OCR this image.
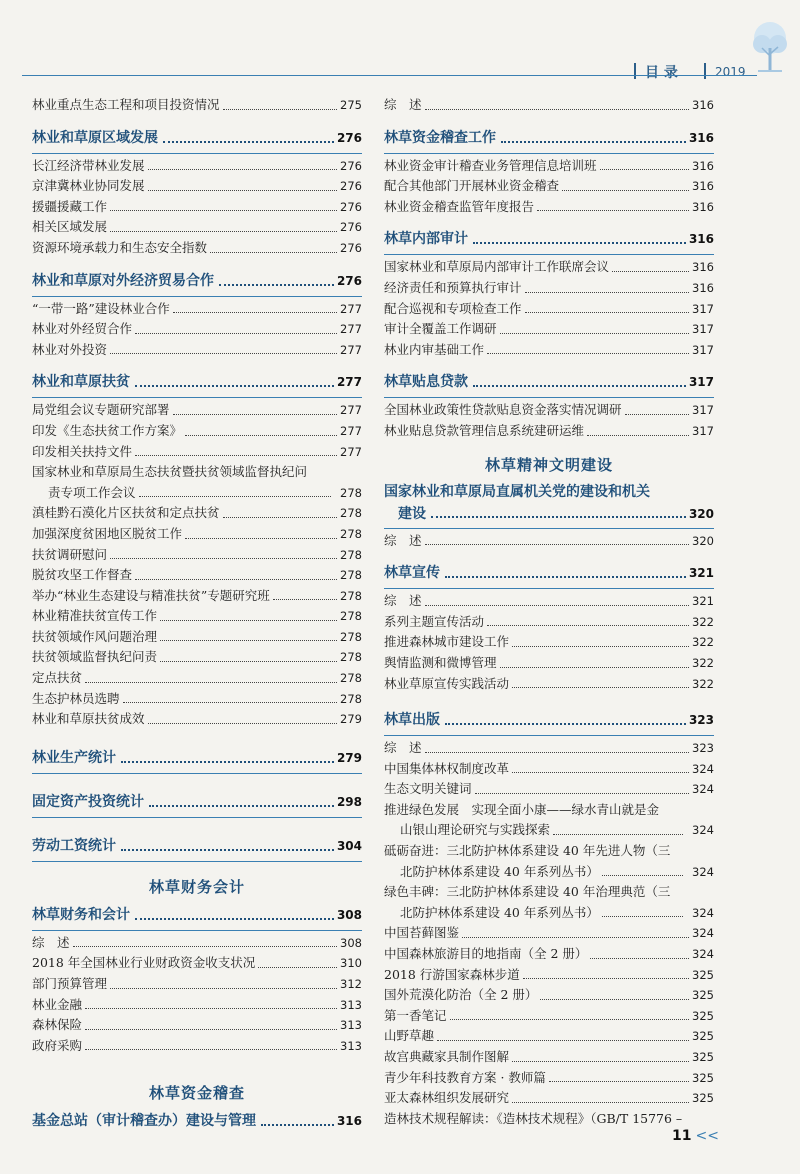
目 录	2019
林业重点生态工程和项目投资情况	275
林业和草原区域发展	276
长江经济带林业发展	276
京津冀林业协同发展	276
援疆援藏工作	276
相关区域发展	276
资源环境承载力和生态安全指数	276
林业和草原对外经济贸易合作	276
“一带一路”建设林业合作	277
林业对外经贸合作	277
林业对外投资	277
林业和草原扶贫	277
局党组会议专题研究部署	277
印发《生态扶贫工作方案》	277
印发相关扶持文件	277
国家林业和草原局生态扶贫暨扶贫领域监督执纪问
责专项工作会议	278
滇桂黔石漠化片区扶贫和定点扶贫	278
加强深度贫困地区脱贫工作	278
扶贫调研慰问	278
脱贫攻坚工作督查	278
举办“林业生态建设与精准扶贫”专题研究班	278
林业精准扶贫宣传工作	278
扶贫领域作风问题治理	278
扶贫领域监督执纪问责	278
定点扶贫	278
生态护林员选聘	278
林业和草原扶贫成效	279
林业生产统计	279
固定资产投资统计	298
劳动工资统计	304
林草财务会计
林草财务和会计	308
综　述	308
2018 年全国林业行业财政资金收支状况	310
部门预算管理	312
林业金融	313
森林保险	313
政府采购	313
林草资金稽查
基金总站（审计稽查办）建设与管理	316
综　述	316
林草资金稽查工作	316
林业资金审计稽查业务管理信息培训班	316
配合其他部门开展林业资金稽查	316
林业资金稽查监管年度报告	316
林草内部审计	316
国家林业和草原局内部审计工作联席会议	316
经济责任和预算执行审计	316
配合巡视和专项检查工作	317
审计全覆盖工作调研	317
林业内审基础工作	317
林草贴息贷款	317
全国林业政策性贷款贴息资金落实情况调研	317
林业贴息贷款管理信息系统建研运维	317
林草精神文明建设
国家林业和草原局直属机关党的建设和机关
建设	320
综　述	320
林草宣传	321
综　述	321
系列主题宣传活动	322
推进森林城市建设工作	322
舆情监测和微博管理	322
林业草原宣传实践活动	322
林草出版	323
综　述	323
中国集体林权制度改革	324
生态文明关键词	324
推进绿色发展　实现全面小康——绿水青山就是金
山银山理论研究与实践探索	324
砥砺奋进：三北防护林体系建设 40 年先进人物（三
北防护林体系建设 40 年系列丛书）	324
绿色丰碑：三北防护林体系建设 40 年治理典范（三
北防护林体系建设 40 年系列丛书）	324
中国苔藓图鉴	324
中国森林旅游目的地指南（全 2 册）	324
2018 行游国家森林步道	325
国外荒漠化防治（全 2 册）	325
第一香笔记	325
山野草趣	325
故宫典藏家具制作图解	325
青少年科技教育方案 · 教师篇	325
亚太森林组织发展研究	325
造林技术规程解读：《造林技术规程》（GB/T 15776 –
11 <<
